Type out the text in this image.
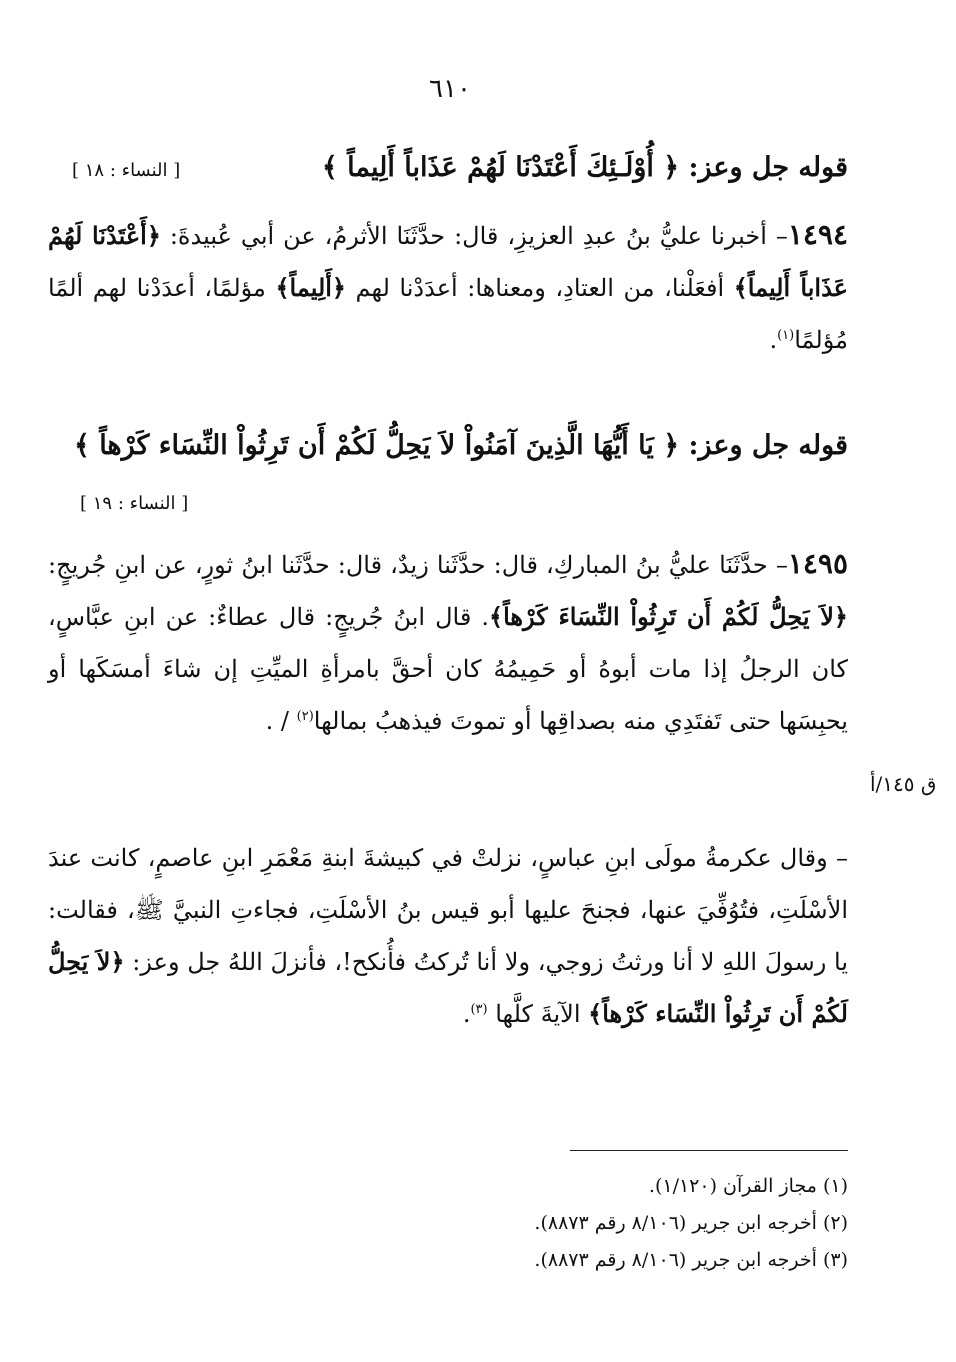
٦١٠
قوله جل وعز: ﴿ أُوْلَـئِكَ أَعْتَدْنَا لَهُمْ عَذَاباً أَلِيماً ﴾
[ النساء : ١٨ ]
١٤٩٤– أخبرنا عليُّ بنُ عبدِ العزيزِ، قال: حدَّثَنَا الأثرمُ، عن أبي عُبيدةَ: ﴿أَعْتَدْنَا لَهُمْ عَذَاباً أَلِيماً﴾ أفعَلْنا، من العتادِ، ومعناها: أعدَدْنا لهم ﴿أَلِيماً﴾ مؤلمًا، أعدَدْنا لهم ألمًا مُؤلمًا$^{(١)}$.
قوله جل وعز: ﴿ يَا أَيُّهَا الَّذِينَ آمَنُواْ لاَ يَحِلُّ لَكُمْ أَن تَرِثُواْ النِّسَاء كَرْهاً ﴾
[ النساء : ١٩ ]
١٤٩٥– حدَّثَنَا عليُّ بنُ المباركِ، قال: حدَّثَنا زيدٌ، قال: حدَّثَنا ابنُ ثورٍ، عن ابنِ جُريجٍ: ﴿لاَ يَحِلُّ لَكُمْ أَن تَرِثُواْ النِّسَاءَ كَرْهاً﴾. قال ابنُ جُريجٍ: قال عطاءٌ: عن ابنِ عبَّاسٍ، كان الرجلُ إذا مات أبوهُ أو حَمِيمُهُ كان أحقَّ بامرأةِ الميِّتِ إن شاءَ أمسَكَها أو يحبِسَها حتى تَفتَدِي منه بصداقِها أو تموتَ فيذهبُ بمالها$^{(٢)}$ / .
ق ١٤٥/أ
– وقال عكرمةُ مولَى ابنِ عباسٍ، نزلتْ في كبيشةَ ابنةِ مَعْمَرِ ابنِ عاصمٍ، كانت عندَ الأسْلَتِ، فتُوُفِّيَ عنها، فجنحَ عليها أبو قيس بنُ الأسْلَتِ، فجاءتِ النبيَّ ﷺ، فقالت: يا رسولَ اللهِ لا أنا ورثتُ زوجي، ولا أنا تُركتُ فأُنكح!، فأنزلَ اللهُ جل وعز: ﴿لاَ يَحِلُّ لَكُمْ أَن تَرِثُواْ النِّسَاء كَرْهاً﴾ الآيةَ كلَّها $^{(٣)}$.
(١) مجاز القرآن (١/١٢٠).
(٢) أخرجه ابن جرير (٨/١٠٦ رقم ٨٨٧٣).
(٣) أخرجه ابن جرير (٨/١٠٦ رقم ٨٨٧٣).
